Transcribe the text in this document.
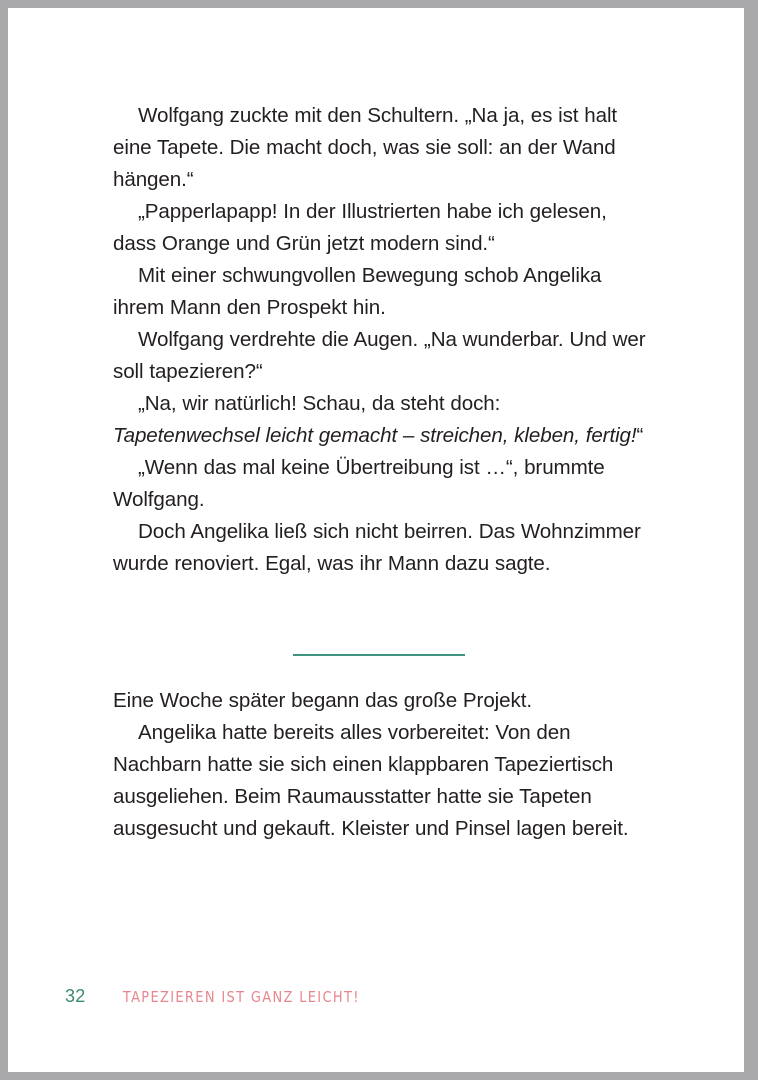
Wolfgang zuckte mit den Schultern. „Na ja, es ist halt eine Tapete. Die macht doch, was sie soll: an der Wand hängen.“

„Papperlapapp! In der Illustrierten habe ich gelesen, dass Orange und Grün jetzt modern sind.“

Mit einer schwungvollen Bewegung schob Angelika ihrem Mann den Prospekt hin.

Wolfgang verdrehte die Augen. „Na wunderbar. Und wer soll tapezieren?“

„Na, wir natürlich! Schau, da steht doch: Tapetenwechsel leicht gemacht – streichen, kleben, fertig!“

„Wenn das mal keine Übertreibung ist …“, brummte Wolfgang.

Doch Angelika ließ sich nicht beirren. Das Wohnzimmer wurde renoviert. Egal, was ihr Mann dazu sagte.

Eine Woche später begann das große Projekt.

Angelika hatte bereits alles vorbereitet: Von den Nachbarn hatte sie sich einen klappbaren Tapeziertisch ausgeliehen. Beim Raumausstatter hatte sie Tapeten ausgesucht und gekauft. Kleister und Pinsel lagen bereit.

32	TAPEZIEREN IST GANZ LEICHT!
